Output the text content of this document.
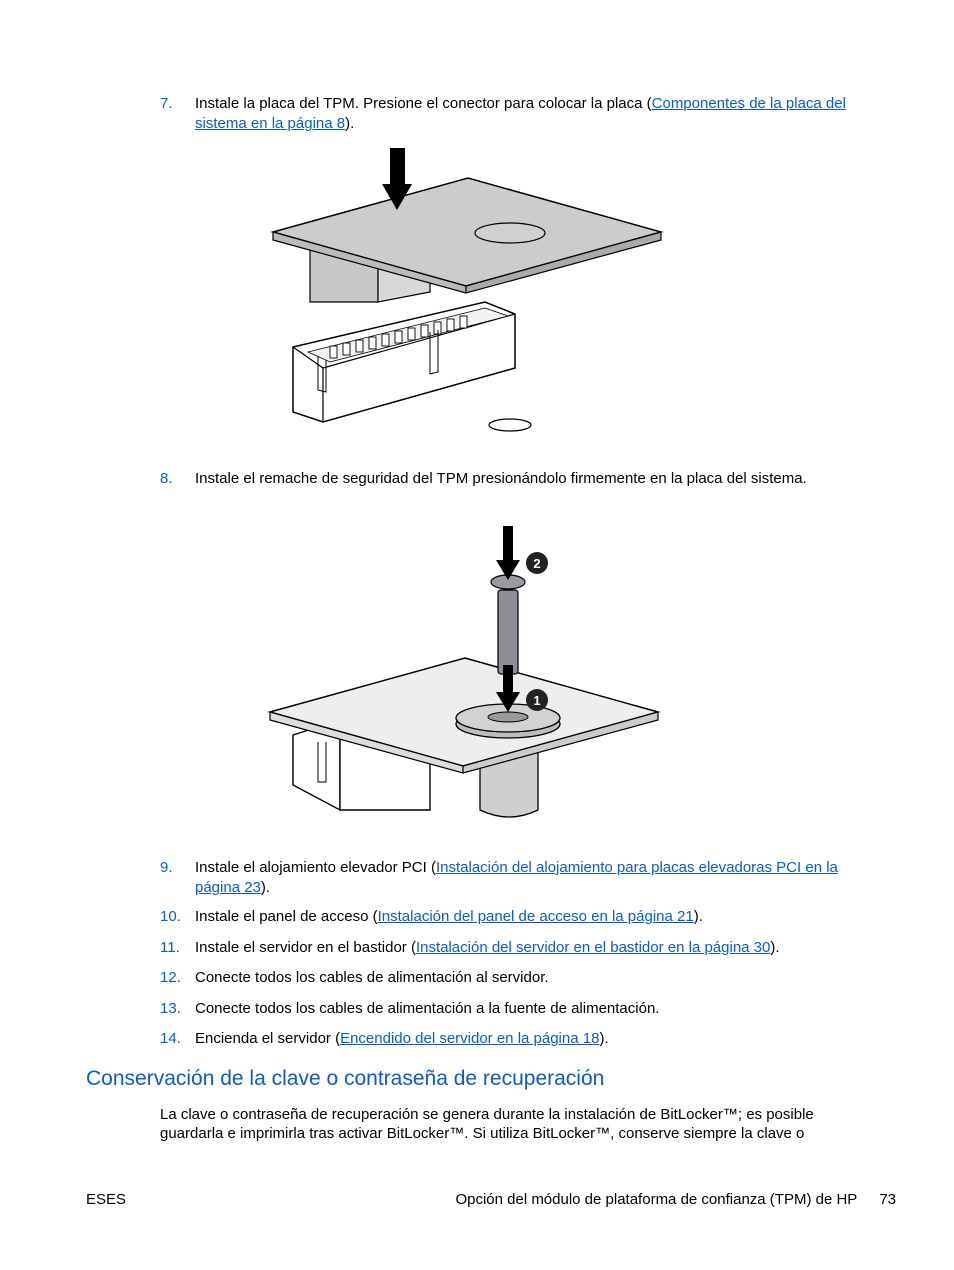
7. Instale la placa del TPM. Presione el conector para colocar la placa (Componentes de la placa del sistema en la página 8).
8. Instale el remache de seguridad del TPM presionándolo firmemente en la placa del sistema.
2
1
9. Instale el alojamiento elevador PCI (Instalación del alojamiento para placas elevadoras PCI en la página 23).
10. Instale el panel de acceso (Instalación del panel de acceso en la página 21).
11. Instale el servidor en el bastidor (Instalación del servidor en el bastidor en la página 30).
12. Conecte todos los cables de alimentación al servidor.
13. Conecte todos los cables de alimentación a la fuente de alimentación.
14. Encienda el servidor (Encendido del servidor en la página 18).
Conservación de la clave o contraseña de recuperación
La clave o contraseña de recuperación se genera durante la instalación de BitLocker™; es posible guardarla e imprimirla tras activar BitLocker™. Si utiliza BitLocker™, conserve siempre la clave o
ESES	Opción del módulo de plataforma de confianza (TPM) de HP 73
